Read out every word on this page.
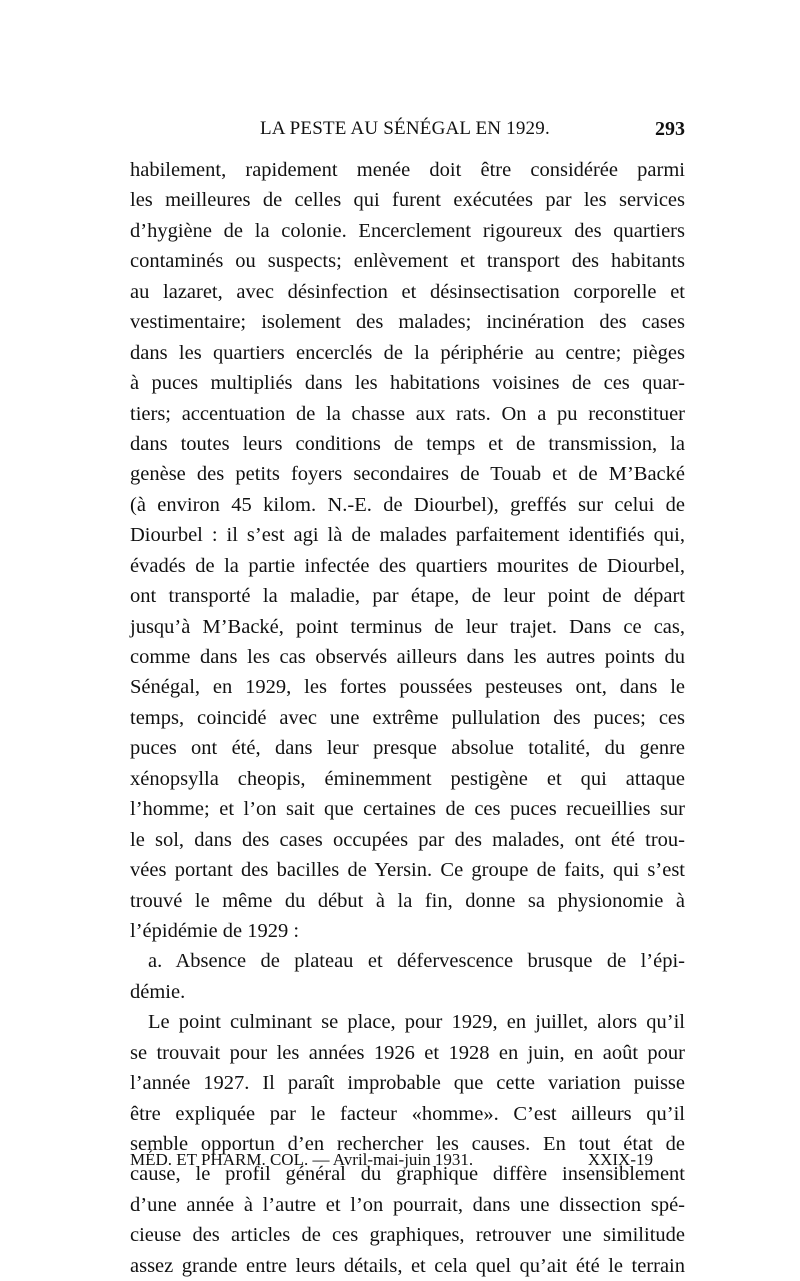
LA PESTE AU SÉNÉGAL EN 1929.	293
habilement, rapidement menée doit être considérée parmi
les meilleures de celles qui furent exécutées par les services
d’hygiène de la colonie. Encerclement rigoureux des quartiers
contaminés ou suspects; enlèvement et transport des habitants
au lazaret, avec désinfection et désinsectisation corporelle et
vestimentaire; isolement des malades; incinération des cases
dans les quartiers encerclés de la périphérie au centre; pièges
à puces multipliés dans les habitations voisines de ces quar-
tiers; accentuation de la chasse aux rats. On a pu reconstituer
dans toutes leurs conditions de temps et de transmission, la
genèse des petits foyers secondaires de Touab et de M’Backé
(à environ 45 kilom. N.-E. de Diourbel), greffés sur celui de
Diourbel : il s’est agi là de malades parfaitement identifiés qui,
évadés de la partie infectée des quartiers mourites de Diourbel,
ont transporté la maladie, par étape, de leur point de départ
jusqu’à M’Backé, point terminus de leur trajet. Dans ce cas,
comme dans les cas observés ailleurs dans les autres points du
Sénégal, en 1929, les fortes poussées pesteuses ont, dans le
temps, coincidé avec une extrême pullulation des puces; ces
puces ont été, dans leur presque absolue totalité, du genre
xénopsylla cheopis, éminemment pestigène et qui attaque
l’homme; et l’on sait que certaines de ces puces recueillies sur
le sol, dans des cases occupées par des malades, ont été trou-
vées portant des bacilles de Yersin. Ce groupe de faits, qui s’est
trouvé le même du début à la fin, donne sa physionomie à
l’épidémie de 1929 :
a. Absence de plateau et défervescence brusque de l’épi-
démie.
Le point culminant se place, pour 1929, en juillet, alors qu’il
se trouvait pour les années 1926 et 1928 en juin, en août pour
l’année 1927. Il paraît improbable que cette variation puisse
être expliquée par le facteur «homme». C’est ailleurs qu’il
semble opportun d’en rechercher les causes. En tout état de
cause, le profil général du graphique diffère insensiblement
d’une année à l’autre et l’on pourrait, dans une dissection spé-
cieuse des articles de ces graphiques, retrouver une similitude
assez grande entre leurs détails, et cela quel qu’ait été le terrain
MÉD. ET PHARM. COL. — Avril-mai-juin 1931.	XXIX-19
